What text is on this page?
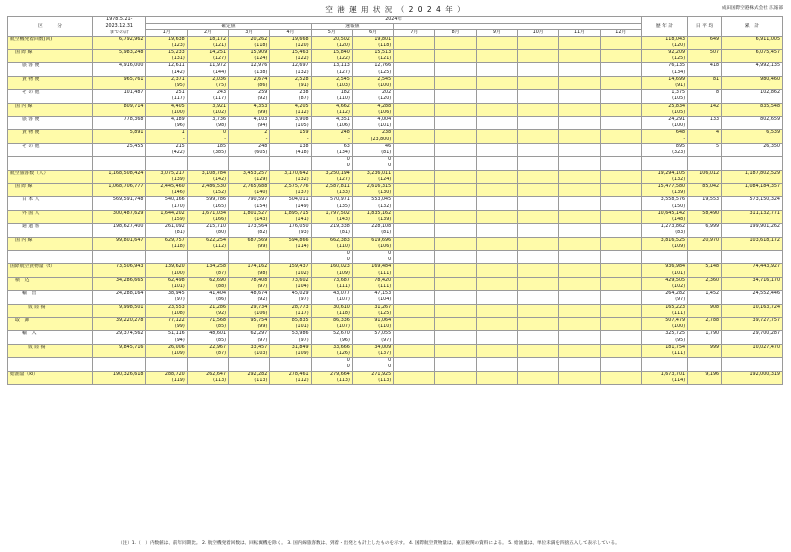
空 港 運 用 状 況 （ 2 0 2 4 年 ）	成田国際空港株式会社 広報部
区　　　分	1978.5.21-	2024年												歴 年 計	日 平 均	累　計
	2023.12.31	確定値				速報値										
	までの計	1月	2月	3月	4月	5月	6月	7月	8月	9月	10月	11月	12月			
航空機発着回数(回)	6,792,962	19,638	18,172	20,262	19,668	20,502	19,801							118,043	649	6,911,005
		(123)	(121)	(118)	(120)	(120)	(118)							(120)		
国 際 線	5,983,248	15,233	14,251	15,909	15,463	15,840	15,513							92,209	507	6,075,457
		(131)	(127)	(124)	(122)	(122)	(121)							(125)		
旅 客 便	4,916,000	12,611	11,972	12,976	12,697	13,113	12,766							76,135	418	4,992,135
		(142)	(144)	(138)	(132)	(127)	(125)							(134)		
貨 物 便	965,761	2,371	2,036	2,674	2,528	2,545	2,545							14,699	81	980,460
		(95)	(75)	(86)	(91)	(103)	(100)							(91)		
そ の 他	101,487	251	243	259	238	182	202							1,375	8	102,862
		(117)	(117)	(92)	(87)	(110)	(120)							(105)		
国 内 線	809,714	4,405	3,921	4,353	4,205	4,662	4,288							25,834	142	835,548
		(100)	(102)	(99)	(112)	(112)	(106)							(105)		
旅 客 便	778,368	4,189	3,736	4,103	3,908	4,351	4,004							24,291	133	802,659
		(96)	(98)	(94)	(105)	(106)	(101)							(100)		
貨 物 便	5,891	1	0	2	159	248	238							648	4	6,539
		-	-	-	-	-	(23,800)							-		
そ の 他	25,455	215	185	248	138	63	46							895	5	26,350
		(422)	(385)	(605)	(418)	(134)	(81)							(323)		
						0	0									
						0	0									
航空旅客数（人）	1,168,508,424	3,075,217	3,108,784	3,453,257	3,170,642	3,250,194	3,236,011							19,294,105	106,012	1,187,802,529
		(139)	(142)	(129)	(132)	(127)	(124)							(132)		
国 際 線	1,068,706,777	2,445,460	2,486,530	2,765,688	2,575,776	2,587,811	2,616,315							15,477,580	85,042	1,084,184,357
		(146)	(152)	(140)	(137)	(133)	(130)							(139)		
日 本 人	569,591,748	540,166	599,786	790,597	504,011	570,971	553,045							3,558,576	19,553	573,150,324
		(170)	(165)	(154)	(149)	(135)	(132)							(150)		
外 国 人	300,487,629	1,644,202	1,671,034	1,801,527	1,895,715	1,797,502	1,835,162							10,645,142	58,490	311,132,771
		(159)	(166)	(143)	(141)	(143)	(139)							(148)		
通 過 客	198,627,400	261,092	215,710	173,564	176,050	219,338	228,108							1,273,862	6,999	199,901,262
		(81)	(80)	(82)	(93)	(81)	(81)							(83)		
国 内 線	99,801,647	629,757	622,254	687,569	594,866	662,383	619,696							3,816,525	20,970	103,618,172
		(118)	(112)	(99)	(114)	(110)	(106)							(109)		
						0	0									
						0	0									
国際航空貨物量（t）	73,506,943	139,620	134,258	174,162	159,437	160,023	169,484							936,984	5,148	74,443,927
		(100)	(87)	(98)	(102)	(109)	(111)							(101)		
積　込	34,286,665	62,498	62,690	78,408	73,602	73,687	78,420							429,505	2,360	34,716,170
		(101)	(88)	(97)	(104)	(111)	(111)							(102)		
輸　出	24,288,164	38,945	41,404	48,674	45,029	43,077	47,153							264,282	1,452	24,552,446
		(97)	(86)	(92)	(97)	(107)	(104)							(97)		
仮 陸 揚	9,998,501	23,553	21,286	29,734	28,773	30,610	31,267							165,223	908	10,163,724
		(108)	(92)	(106)	(117)	(118)	(125)							(111)		
取　卸	39,220,278	77,122	71,568	95,754	85,835	86,336	91,064							507,479	2,788	39,727,757
		(99)	(85)	(99)	(101)	(107)	(110)							(100)		
輸　入	29,374,562	51,116	48,601	62,297	53,986	52,670	57,055							325,725	1,790	29,700,287
		(94)	(85)	(97)	(97)	(96)	(97)							(95)		
仮 陸 揚	9,845,716	26,006	22,967	33,457	31,849	33,666	34,009							181,754	999	10,027,470
		(109)	(87)	(103)	(109)	(126)	(137)							(111)		
						0	0									
						0	0									
給油量（kl）	190,326,618	288,720	262,647	292,282	278,461	279,664	271,925							1,673,701	9,196	192,000,319
		(119)	(113)	(113)	(112)	(113)	(113)							(114)		
（注）1.（　）内数値は、前年同期比。 2. 航空機発着回数は、回転翼機を除く。 3. 国内線旅客数は、到着・出発とも計上したものを示す。 4. 国際航空貨物量は、東京税関の資料による。 5. 給油量は、単位未満を四捨五入して表示している。
